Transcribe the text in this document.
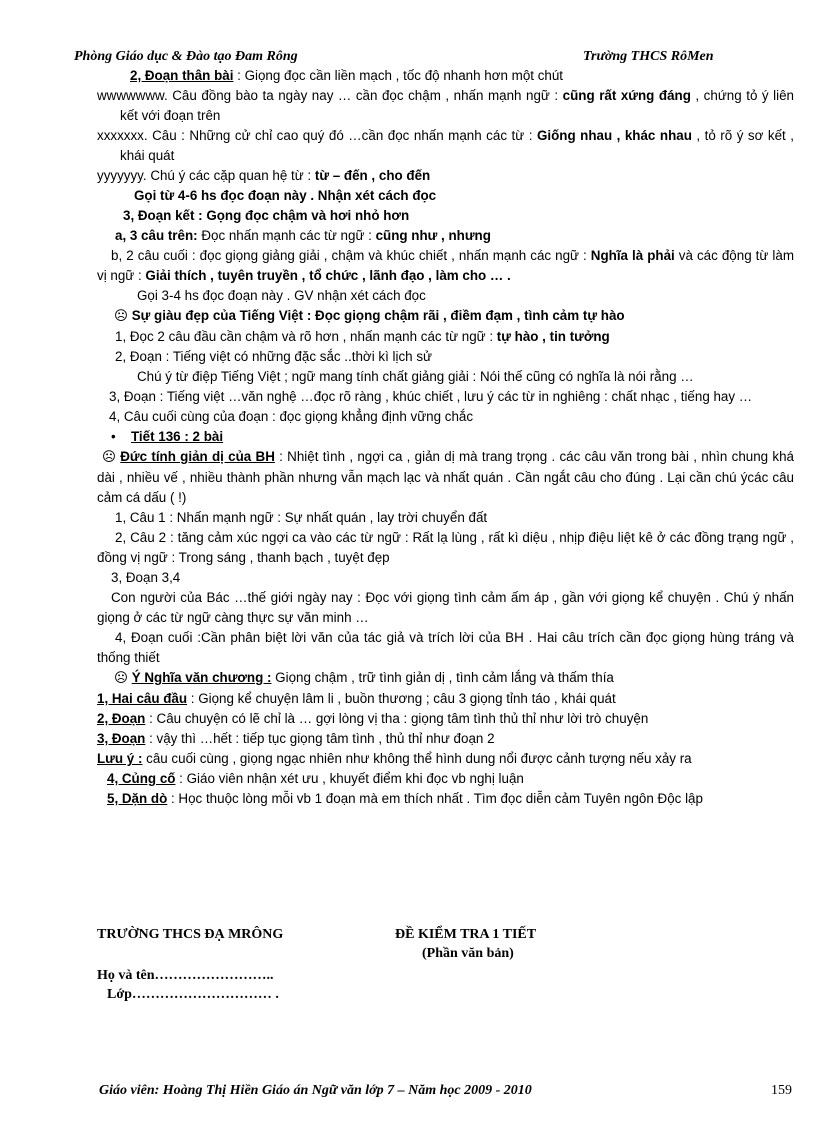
Phòng Giáo dục & Đào tạo Đam Rông	Trường THCS RôMen

2, Đoạn thân bài : Giọng đọc cần liền mạch , tốc độ nhanh hơn một chút

wwwwwww. Câu đồng bào ta ngày nay … cần đọc chậm , nhấn mạnh ngữ : cũng rất xứng đáng , chứng tỏ ý liên kết với đoạn trên

xxxxxxx. Câu : Những cử chỉ cao quý đó …cần đọc nhấn mạnh các từ : Giống nhau , khác nhau , tỏ rõ ý sơ kết , khái quát

yyyyyyy. Chú ý các cặp quan hệ từ : từ – đến , cho đến

Gọi từ 4-6 hs đọc đoạn này . Nhận xét cách đọc

3, Đoạn kết : Gọng đọc chậm và hơi nhỏ hơn

a, 3 câu trên: Đọc nhấn mạnh các từ ngữ : cũng như , nhưng

b, 2 câu cuối : đọc giọng giảng giải , chậm và khúc chiết , nhấn mạnh các ngữ : Nghĩa là phải và các động từ làm vị ngữ : Giải thích , tuyên truyền , tổ chức , lãnh đạo , làm cho … .

Gọi 3-4 hs đọc đoạn này . GV nhận xét cách đọc

☹ Sự giàu đẹp của Tiếng Việt : Đọc giọng chậm rãi , điềm đạm , tình cảm tự hào

1, Đọc 2 câu đầu cần chậm và rõ hơn , nhấn mạnh các từ ngữ : tự hào , tin tưởng

2, Đoạn : Tiếng việt có những đặc sắc ..thời kì lịch sử

Chú ý từ điệp Tiếng Việt ; ngữ mang tính chất giảng giải : Nói thế cũng có nghĩa là nói rằng …

3, Đoạn : Tiếng việt …văn nghệ …đọc rõ ràng , khúc chiết , lưu ý các từ in nghiêng : chất nhạc , tiếng hay …

4, Câu cuối cùng của đoạn : đọc giọng khẳng định vững chắc

• Tiết 136 : 2 bài

☹ Đức tính giản dị của BH : Nhiệt tình , ngợi ca , giản dị mà trang trọng . các câu văn trong bài , nhìn chung khá dài , nhiều vế , nhiều thành phần nhưng vẫn mạch lạc và nhất quán . Cần ngắt câu cho đúng . Lại cần chú ýcác câu cảm cá dấu ( !)

1, Câu 1 : Nhấn mạnh ngữ : Sự nhất quán , lay trời chuyển đất

2, Câu 2 : tăng cảm xúc ngợi ca vào các từ ngữ : Rất lạ lùng , rất kì diệu , nhịp điệu liệt kê ở các đồng trạng ngữ , đồng vị ngữ : Trong sáng , thanh bạch , tuyệt đẹp

3, Đoạn 3,4

Con người của Bác …thế giới ngày nay : Đọc với giọng tình cảm ấm áp , gần với giọng kể chuyện . Chú ý nhấn giọng ở các từ ngữ càng thực sự văn minh …

4, Đoạn cuối :Cần phân biệt lời văn của tác giả và trích lời của BH . Hai câu trích cần đọc giọng hùng tráng và thống thiết

☹ Ý Nghĩa văn chương : Giọng chậm , trữ tình giản dị , tình cảm lắng và thấm thía

1, Hai câu đầu : Giọng kể chuyện lâm li , buồn thương ; câu 3 giọng tỉnh táo , khái quát

2, Đoạn : Câu chuyện có lẽ chỉ là … gợi lòng vị tha : giọng tâm tình thủ thỉ như lời trò chuyện

3, Đoạn : vậy thì …hết : tiếp tục giọng tâm tình , thủ thỉ như đoạn 2

Lưu ý : câu cuối cùng , giọng ngạc nhiên như không thể hình dung nổi được cảnh tượng nếu xảy ra

4, Củng cố : Giáo viên nhận xét ưu , khuyết điểm khi đọc vb nghị luận

5, Dặn dò : Học thuộc lòng mỗi vb 1 đoạn mà em thích nhất . Tìm đọc diễn cảm Tuyên ngôn Độc lập

TRƯỜNG THCS ĐẠ MRÔNG	ĐỀ KIỂM TRA 1 TIẾT
(Phần văn bản)
Họ và tên……………………..
Lớp………………………… .
Giáo viên: Hoàng Thị Hiền Giáo án Ngữ văn lớp 7 – Năm học 2009 - 2010	159
